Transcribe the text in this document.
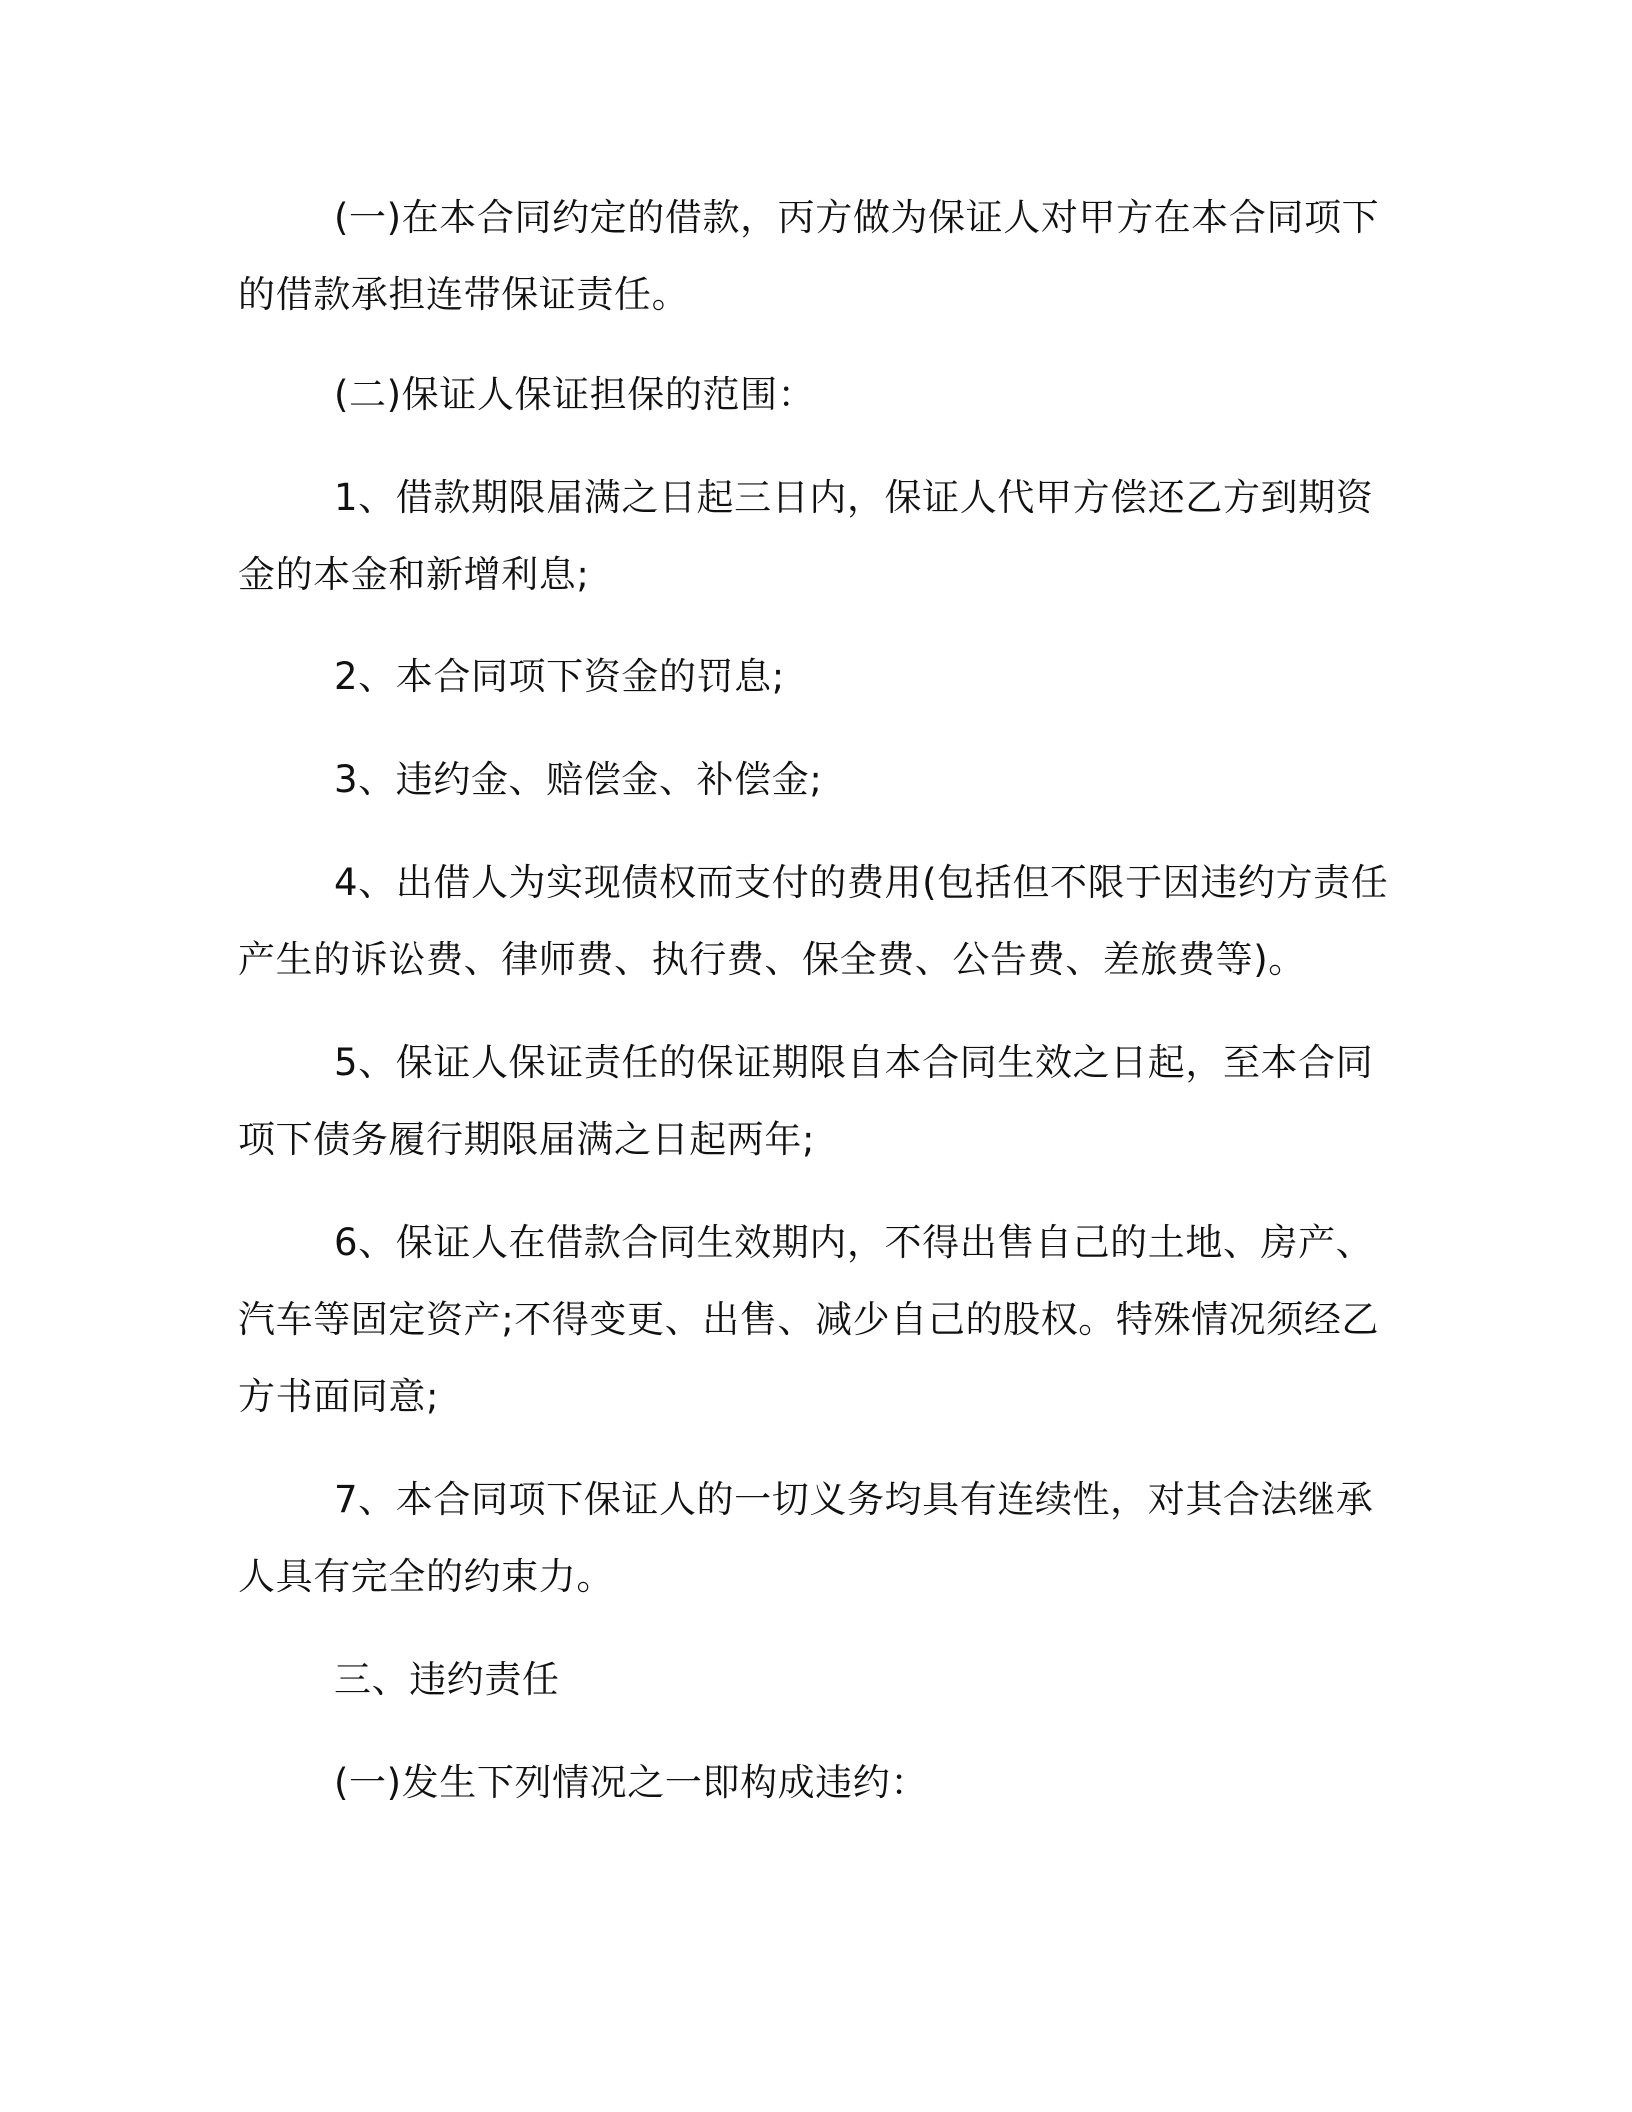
(一)在本合同约定的借款，丙方做为保证人对甲方在本合同项下
的借款承担连带保证责任。
(二)保证人保证担保的范围：
1、借款期限届满之日起三日内，保证人代甲方偿还乙方到期资
金的本金和新增利息;
2、本合同项下资金的罚息;
3、违约金、赔偿金、补偿金;
4、出借人为实现债权而支付的费用(包括但不限于因违约方责任
产生的诉讼费、律师费、执行费、保全费、公告费、差旅费等)。
5、保证人保证责任的保证期限自本合同生效之日起，至本合同
项下债务履行期限届满之日起两年;
6、保证人在借款合同生效期内，不得出售自己的土地、房产、
汽车等固定资产;不得变更、出售、减少自己的股权。特殊情况须经乙
方书面同意;
7、本合同项下保证人的一切义务均具有连续性，对其合法继承
人具有完全的约束力。
三、违约责任
(一)发生下列情况之一即构成违约：
